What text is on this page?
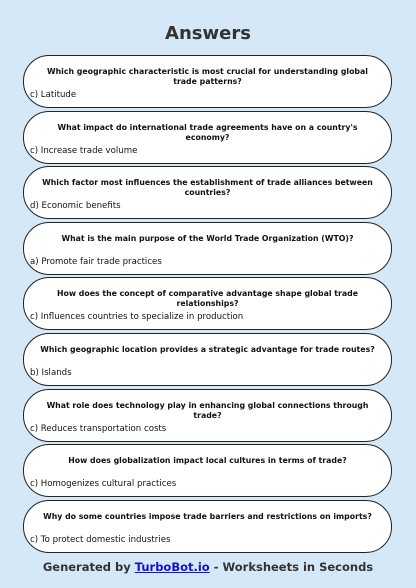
Answers
Which geographic characteristic is most crucial for understanding global trade patterns?
c) Latitude
What impact do international trade agreements have on a country's economy?
c) Increase trade volume
Which factor most influences the establishment of trade alliances between countries?
d) Economic benefits
What is the main purpose of the World Trade Organization (WTO)?
a) Promote fair trade practices
How does the concept of comparative advantage shape global trade relationships?
c) Influences countries to specialize in production
Which geographic location provides a strategic advantage for trade routes?
b) Islands
What role does technology play in enhancing global connections through trade?
c) Reduces transportation costs
How does globalization impact local cultures in terms of trade?
c) Homogenizes cultural practices
Why do some countries impose trade barriers and restrictions on imports?
c) To protect domestic industries
Generated by TurboBot.io - Worksheets in Seconds
